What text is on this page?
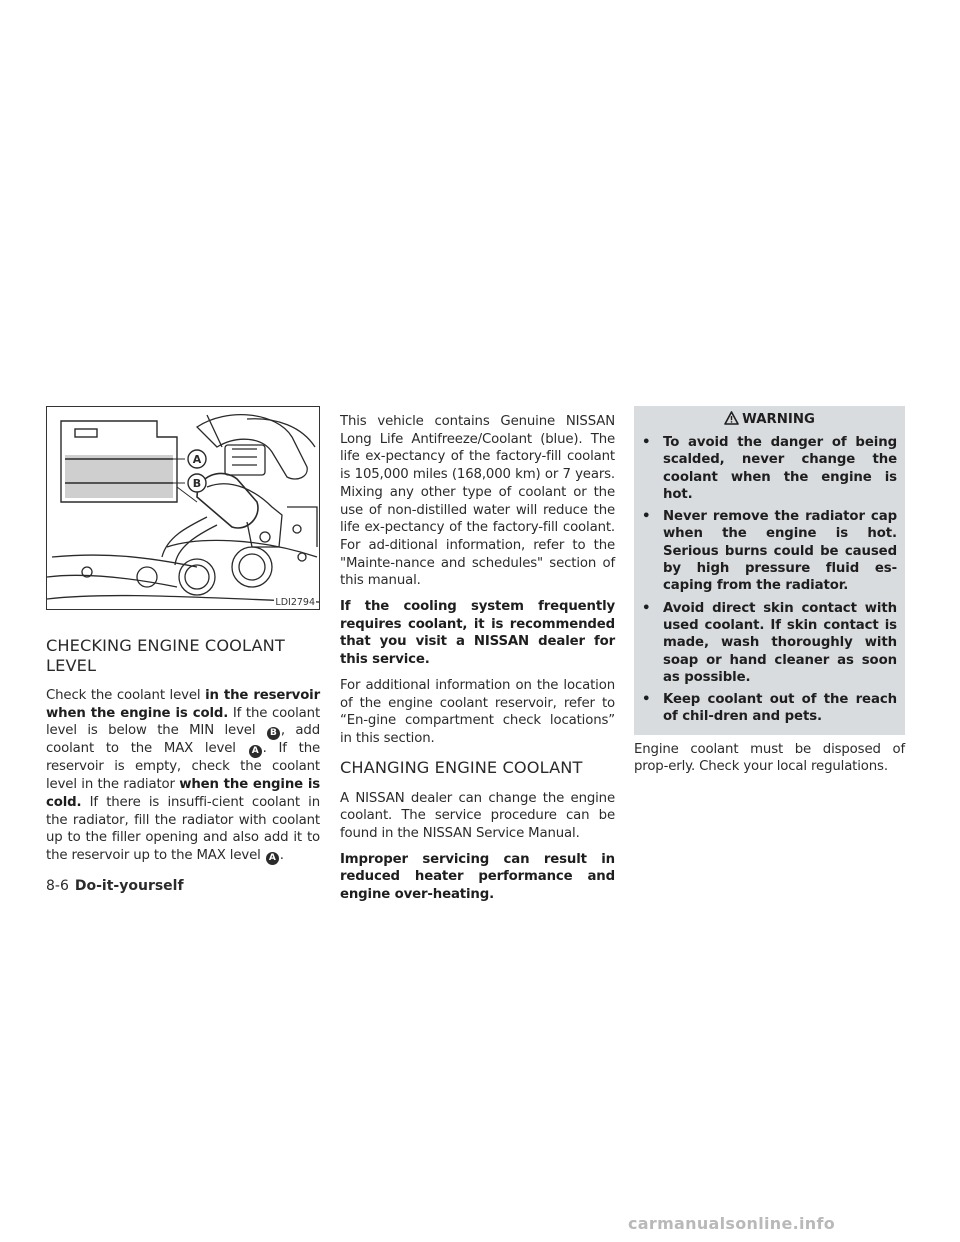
A
B
LDI2794
CHECKING ENGINE COOLANT LEVEL

Check the coolant level in the reservoir when the engine is cold. If the coolant level is below the MIN level B , add coolant to the MAX level A . If the reservoir is empty, check the coolant level in the radiator when the engine is cold. If there is insuffi-cient coolant in the radiator, fill the radiator with coolant up to the filler opening and also add it to the reservoir up to the MAX level A .

This vehicle contains Genuine NISSAN Long Life Antifreeze/Coolant (blue). The life ex-pectancy of the factory-fill coolant is 105,000 miles (168,000 km) or 7 years. Mixing any other type of coolant or the use of non-distilled water will reduce the life ex-pectancy of the factory-fill coolant. For ad-ditional information, refer to the "Mainte-nance and schedules" section of this manual.

If the cooling system frequently requires coolant, it is recommended that you visit a NISSAN dealer for this service.

For additional information on the location of the engine coolant reservoir, refer to “En-gine compartment check locations” in this section.

CHANGING ENGINE COOLANT

A NISSAN dealer can change the engine coolant. The service procedure can be found in the NISSAN Service Manual.

Improper servicing can result in reduced heater performance and engine over-heating.

WARNING
• To avoid the danger of being scalded, never change the coolant when the engine is hot.
• Never remove the radiator cap when the engine is hot. Serious burns could be caused by high pressure fluid es-caping from the radiator.
• Avoid direct skin contact with used coolant. If skin contact is made, wash thoroughly with soap or hand cleaner as soon as possible.
• Keep coolant out of the reach of chil-dren and pets.

Engine coolant must be disposed of prop-erly. Check your local regulations.

8-6 Do-it-yourself
carmanualsonline.info
